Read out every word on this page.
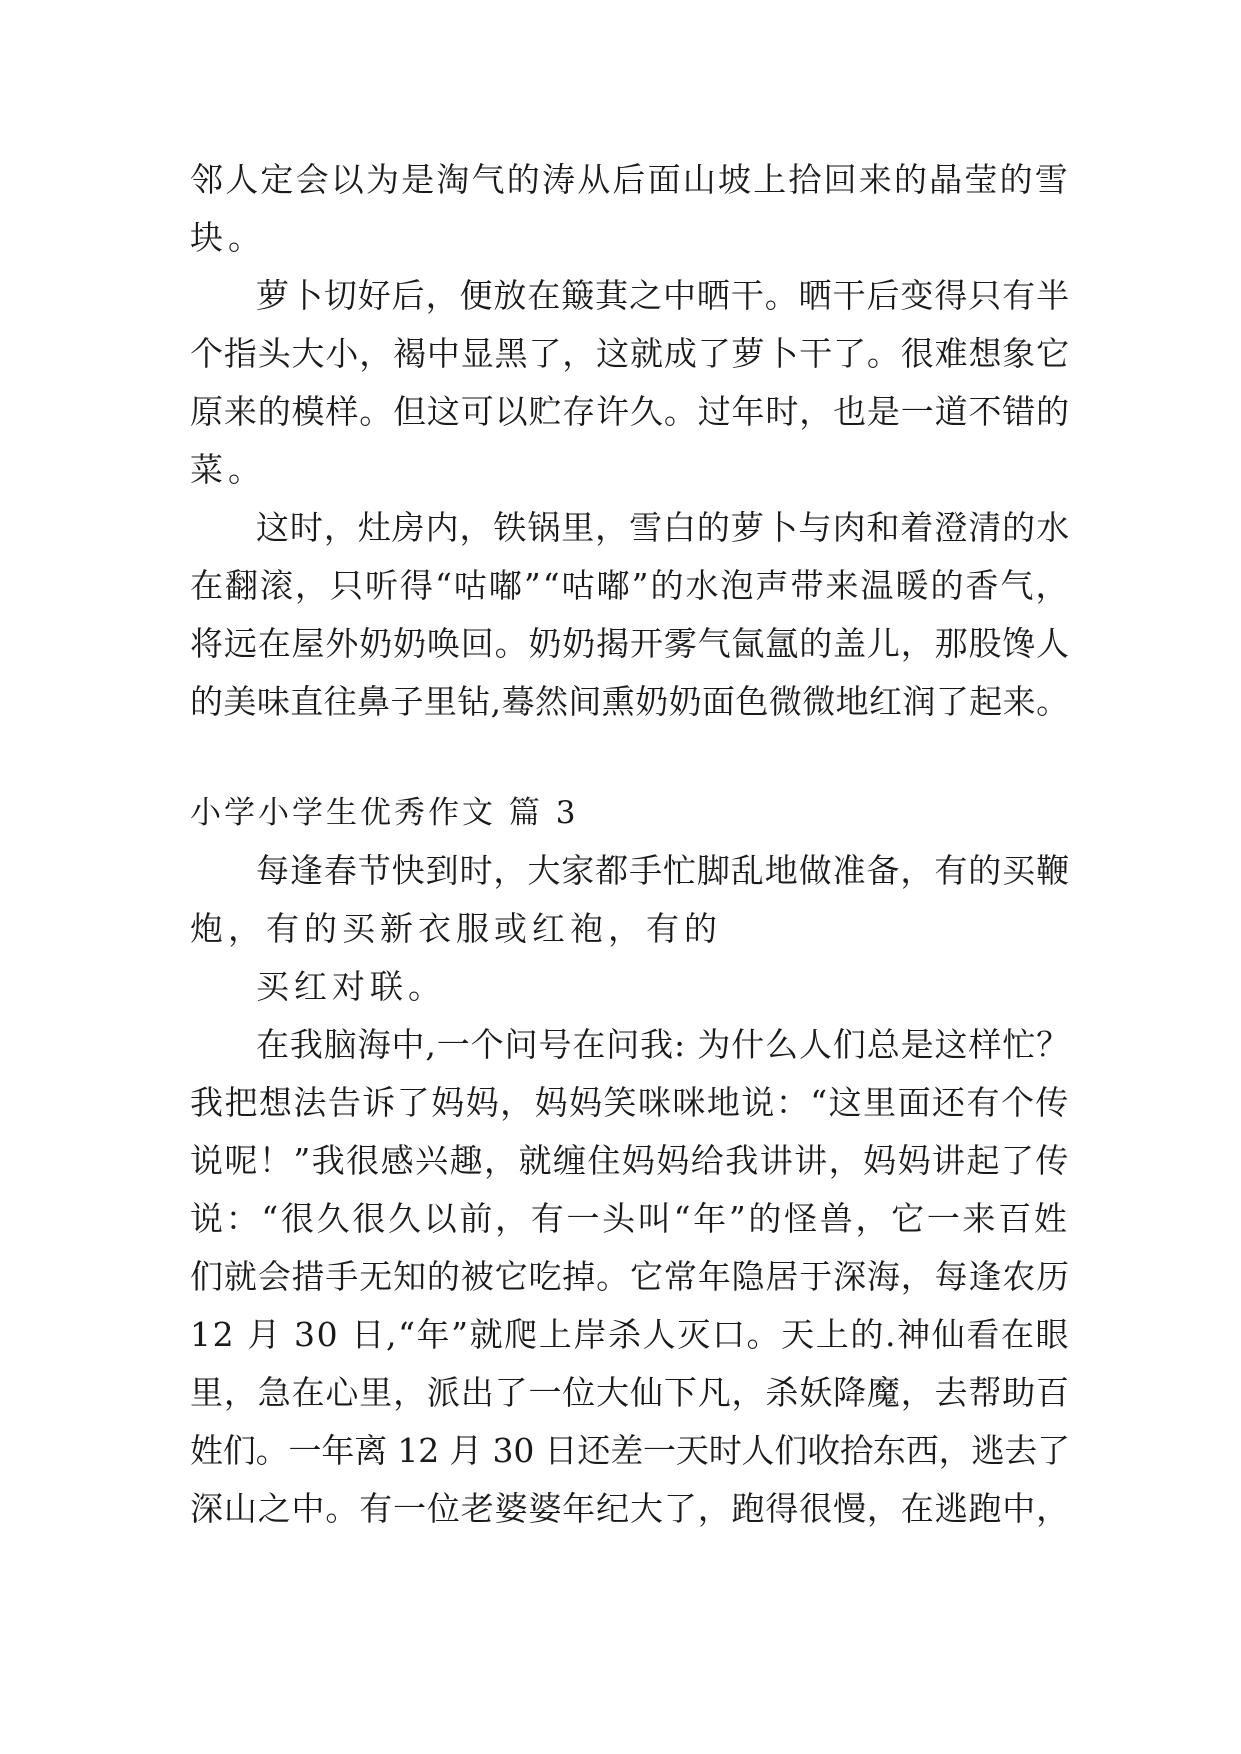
邻人定会以为是淘气的涛从后面山坡上拾回来的晶莹的雪
块。
萝卜切好后，便放在簸萁之中晒干。晒干后变得只有半
个指头大小，褐中显黑了，这就成了萝卜干了。很难想象它
原来的模样。但这可以贮存许久。过年时，也是一道不错的
菜。
这时，灶房内，铁锅里，雪白的萝卜与肉和着澄清的水
在翻滚，只听得“咕嘟”“咕嘟”的水泡声带来温暖的香气，
将远在屋外奶奶唤回。奶奶揭开雾气氤氲的盖儿，那股馋人
的美味直往鼻子里钻,蓦然间熏奶奶面色微微地红润了起来。
小学小学生优秀作文 篇 3
每逢春节快到时，大家都手忙脚乱地做准备，有的买鞭
炮，有的买新衣服或红袍，有的
买红对联。
在我脑海中,一个问号在问我: 为什么人们总是这样忙？
我把想法告诉了妈妈，妈妈笑咪咪地说：“这里面还有个传
说呢！”我很感兴趣，就缠住妈妈给我讲讲，妈妈讲起了传
说：“很久很久以前，有一头叫“年”的怪兽，它一来百姓
们就会措手无知的被它吃掉。它常年隐居于深海，每逢农历
12 月 30 日,“年”就爬上岸杀人灭口。天上的.神仙看在眼
里，急在心里，派出了一位大仙下凡，杀妖降魔，去帮助百
姓们。一年离 12 月 30 日还差一天时人们收拾东西，逃去了
深山之中。有一位老婆婆年纪大了，跑得很慢，在逃跑中，
